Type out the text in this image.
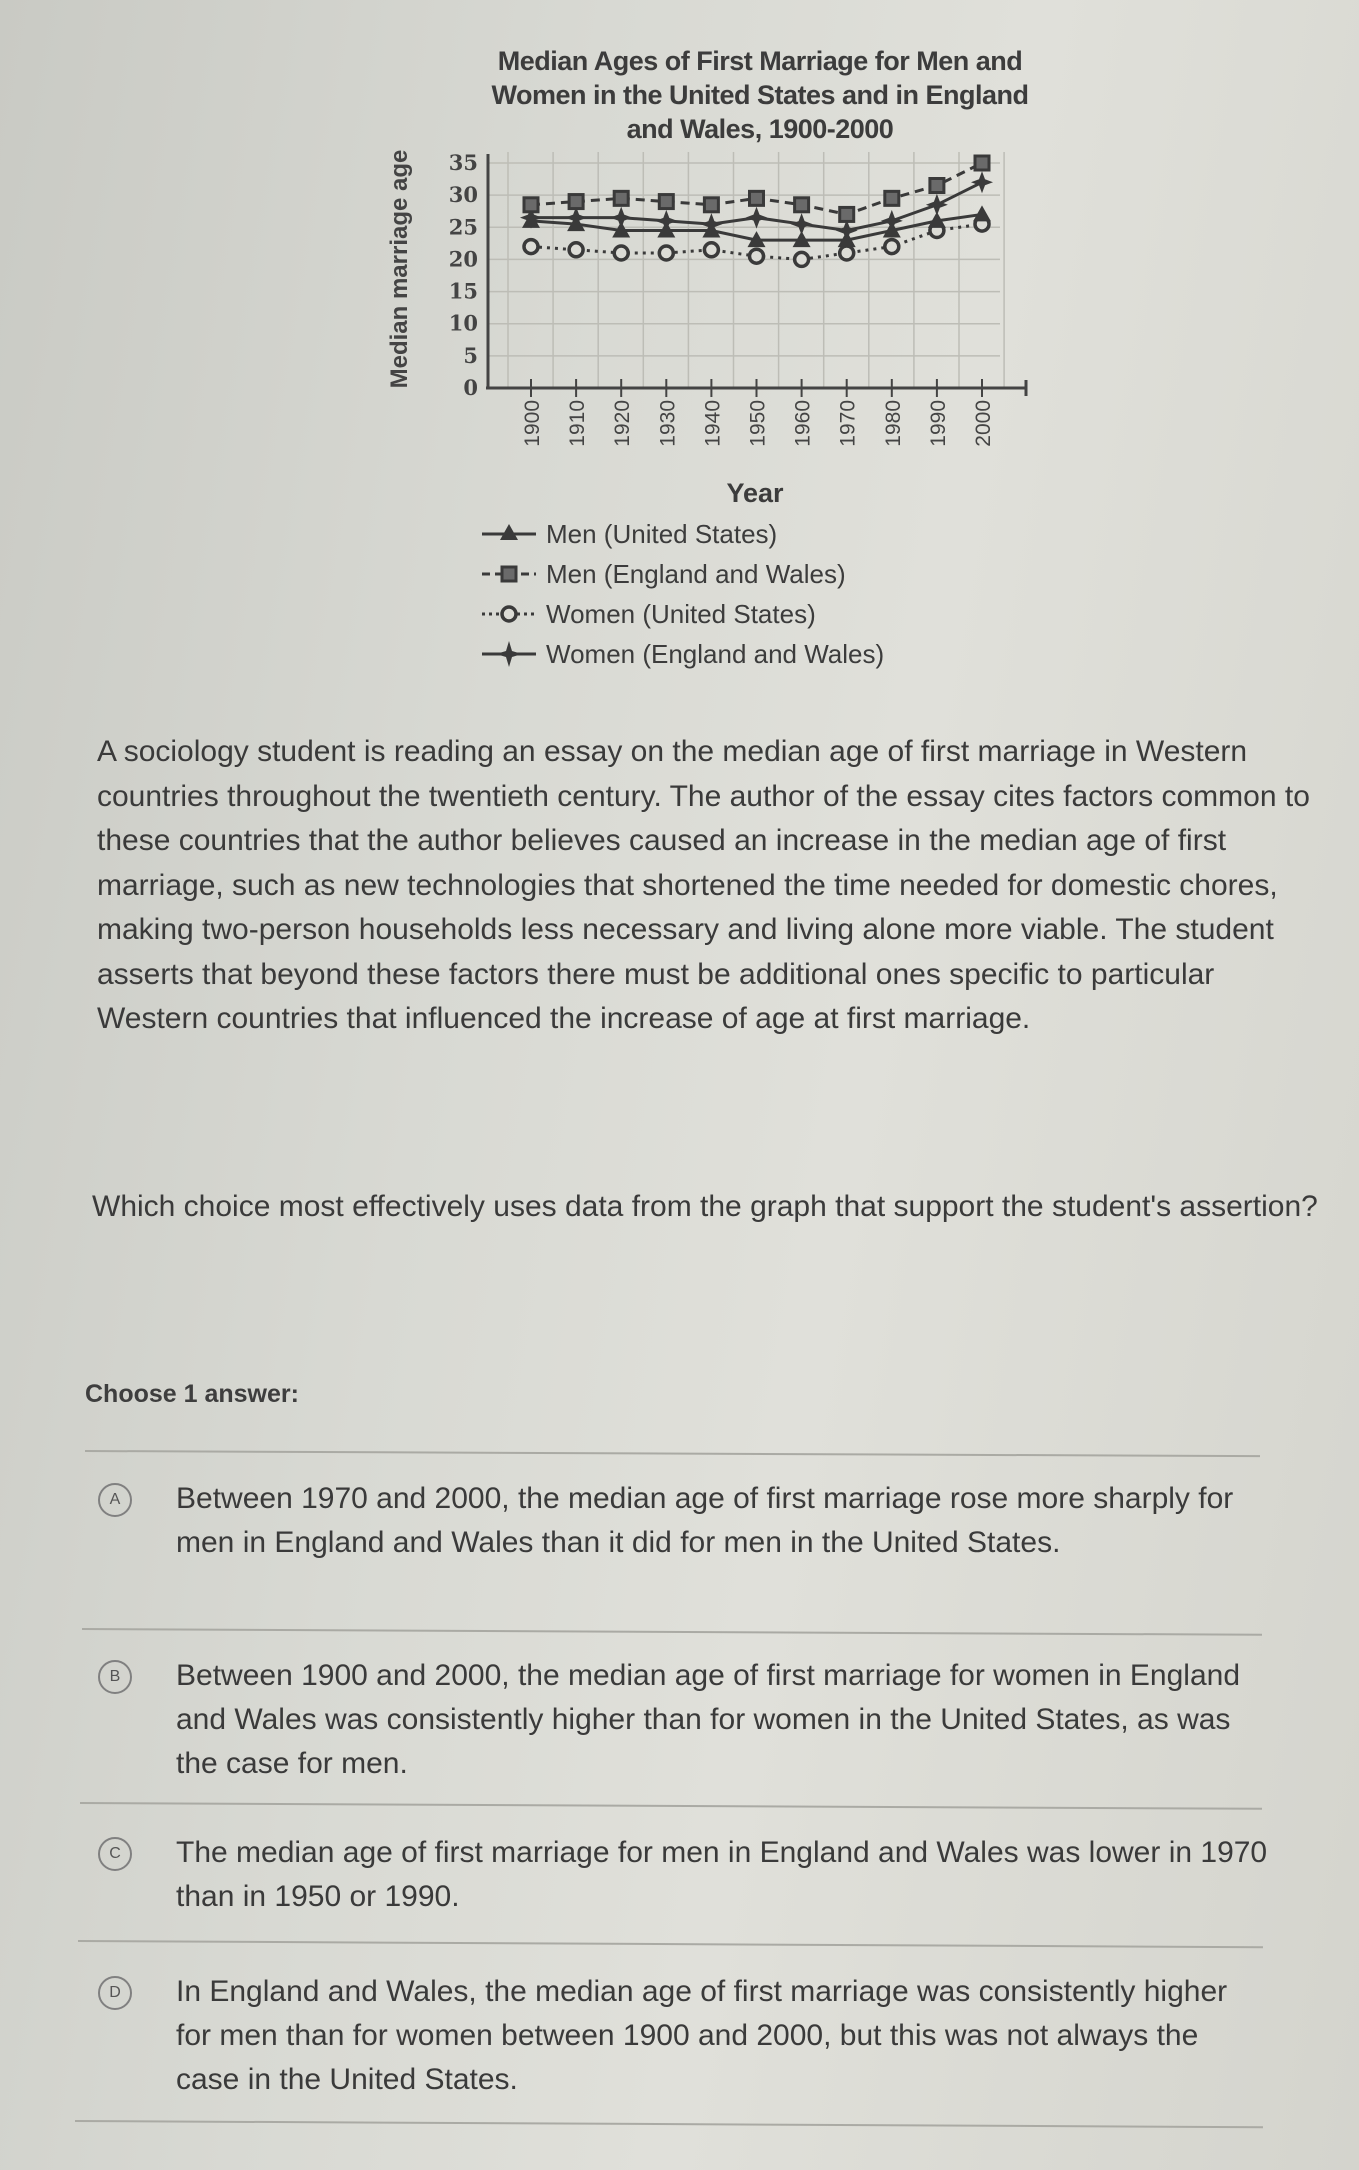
Median Ages of First Marriage for Men and Women in the United States and in England and Wales, 1900-2000
0
5
10
15
20
25
30
35
Median marriage age
1900 1910 1920 1930 1940 1950 1960 1970 1980 1990 2000
Year
Men (United States)
Men (England and Wales)
Women (United States)
Women (England and Wales)

A sociology student is reading an essay on the median age of first marriage in Western countries throughout the twentieth century. The author of the essay cites factors common to these countries that the author believes caused an increase in the median age of first marriage, such as new technologies that shortened the time needed for domestic chores, making two-person households less necessary and living alone more viable. The student asserts that beyond these factors there must be additional ones specific to particular Western countries that influenced the increase of age at first marriage.

Which choice most effectively uses data from the graph that support the student's assertion?

Choose 1 answer:
A	Between 1970 and 2000, the median age of first marriage rose more sharply for men in England and Wales than it did for men in the United States.
B	Between 1900 and 2000, the median age of first marriage for women in England and Wales was consistently higher than for women in the United States, as was the case for men.
C	The median age of first marriage for men in England and Wales was lower in 1970 than in 1950 or 1990.
D	In England and Wales, the median age of first marriage was consistently higher for men than for women between 1900 and 2000, but this was not always the case in the United States.
